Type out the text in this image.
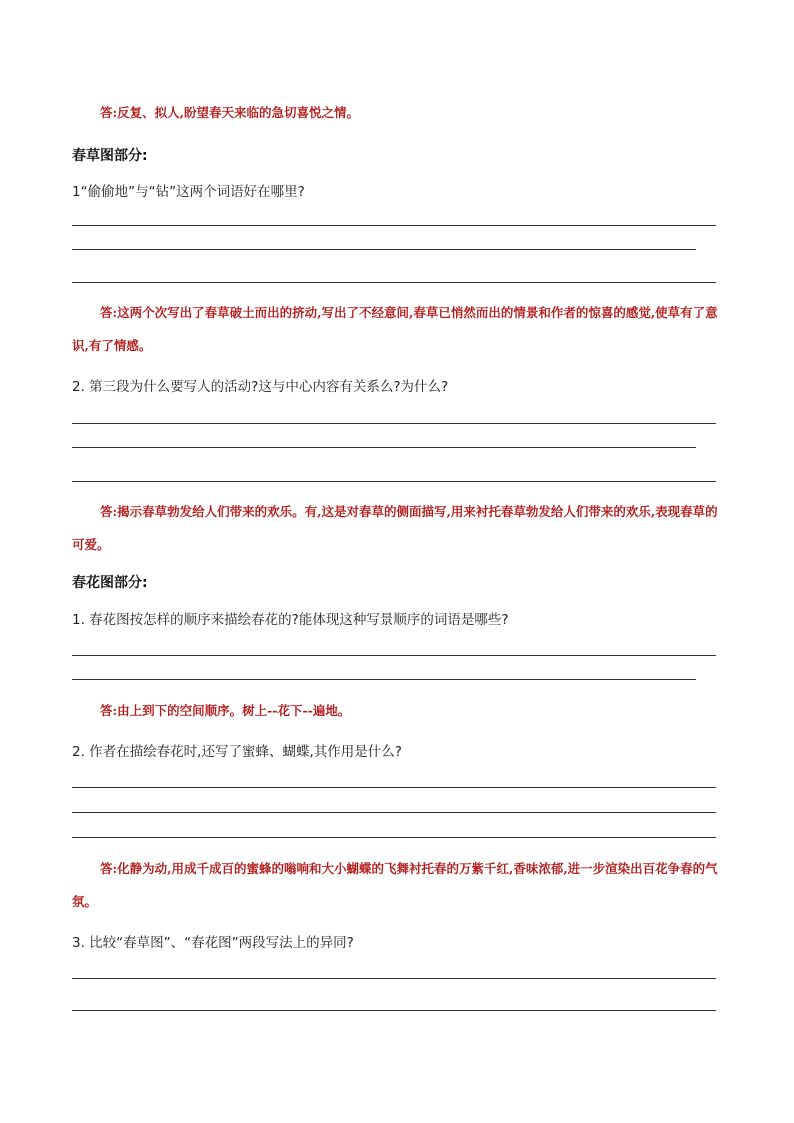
答:反复、拟人,盼望春天来临的急切喜悦之情。
春草图部分:
1“偷偷地”与“钻”这两个词语好在哪里?
答:这两个次写出了春草破土而出的挤动,写出了不经意间,春草已悄然而出的情景和作者的惊喜的感觉,使草有了意识,有了情感。
2. 第三段为什么要写人的活动?这与中心内容有关系么?为什么?
答:揭示春草勃发给人们带来的欢乐。有,这是对春草的侧面描写,用来衬托春草勃发给人们带来的欢乐,表现春草的可爱。
春花图部分:
1. 春花图按怎样的顺序来描绘春花的?能体现这种写景顺序的词语是哪些?
答:由上到下的空间顺序。树上--花下--遍地。
2. 作者在描绘春花时,还写了蜜蜂、蝴蝶,其作用是什么?
答:化静为动,用成千成百的蜜蜂的嗡响和大小蝴蝶的飞舞衬托春的万紫千红,香味浓郁,进一步渲染出百花争春的气氛。
3. 比较“春草图”、“春花图”两段写法上的异同?
